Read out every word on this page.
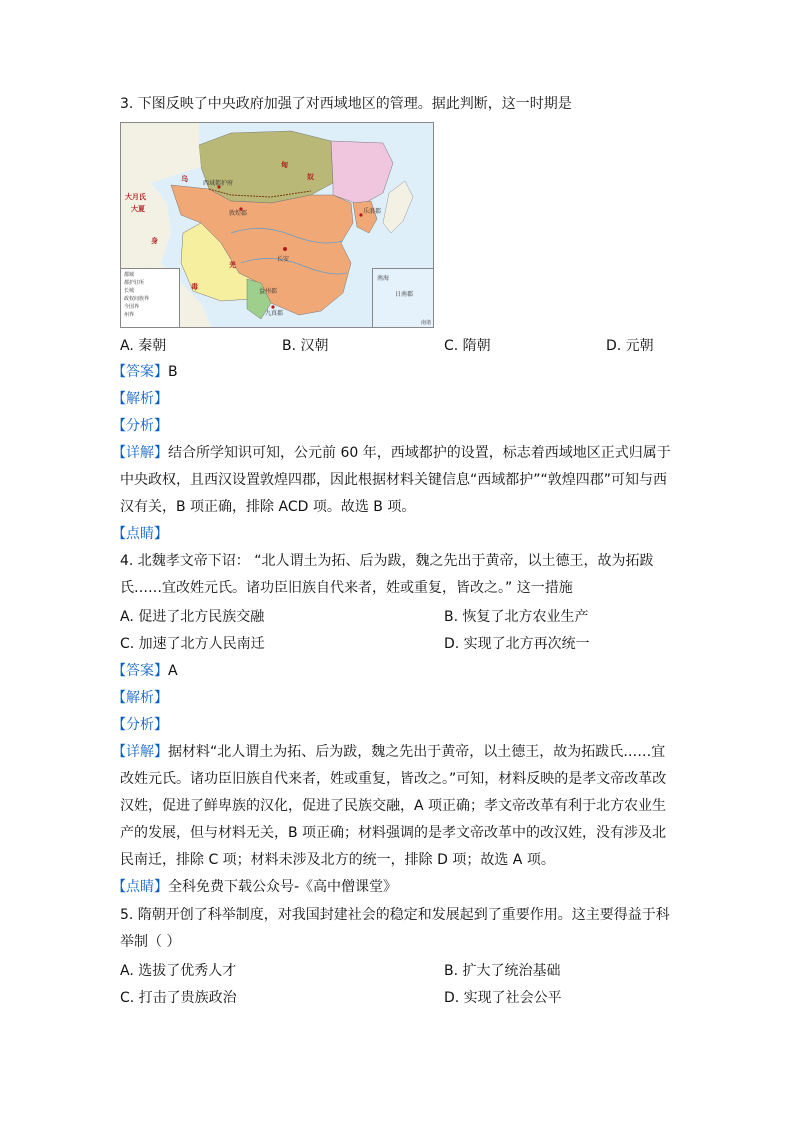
3. 下图反映了中央政府加强了对西域地区的管理。据此判断，这一时期是
西域都护府
敦煌郡
长安
益州郡
乐浪郡
九真郡
匈
奴
大月氏
大夏
身
毒
乌
羌
都城
都护驻所
长城
政权间族界
今国界
州界
南海
日南郡
南诸
A. 秦朝	B. 汉朝	C. 隋朝	D. 元朝
【答案】B
【解析】
【分析】
【详解】结合所学知识可知，公元前 60 年，西域都护的设置，标志着西域地区正式归属于
中央政权，且西汉设置敦煌四郡，因此根据材料关键信息“西域都护”“敦煌四郡”可知与西
汉有关，B 项正确，排除 ACD 项。故选 B 项。
【点睛】
4. 北魏孝文帝下诏： “北人谓土为拓、后为跋，魏之先出于黄帝，以土德王，故为拓跋
氏……宜改姓元氏。诸功臣旧族自代来者，姓或重复，皆改之。” 这一措施
A. 促进了北方民族交融	B. 恢复了北方农业生产
C. 加速了北方人民南迁	D. 实现了北方再次统一
【答案】A
【解析】
【分析】
【详解】据材料“北人谓土为拓、后为跋，魏之先出于黄帝，以土德王，故为拓跋氏……宜
改姓元氏。诸功臣旧族自代来者，姓或重复，皆改之。”可知，材料反映的是孝文帝改革改
汉姓，促进了鲜卑族的汉化，促进了民族交融，A 项正确；孝文帝改革有利于北方农业生
产的发展，但与材料无关，B 项正确；材料强调的是孝文帝改革中的改汉姓，没有涉及北
民南迁，排除 C 项；材料未涉及北方的统一，排除 D 项；故选 A 项。
【点睛】全科免费下载公众号-《高中僧课堂》
5. 隋朝开创了科举制度，对我国封建社会的稳定和发展起到了重要作用。这主要得益于科
举制（ ）
A. 选拔了优秀人才	B. 扩大了统治基础
C. 打击了贵族政治	D. 实现了社会公平
